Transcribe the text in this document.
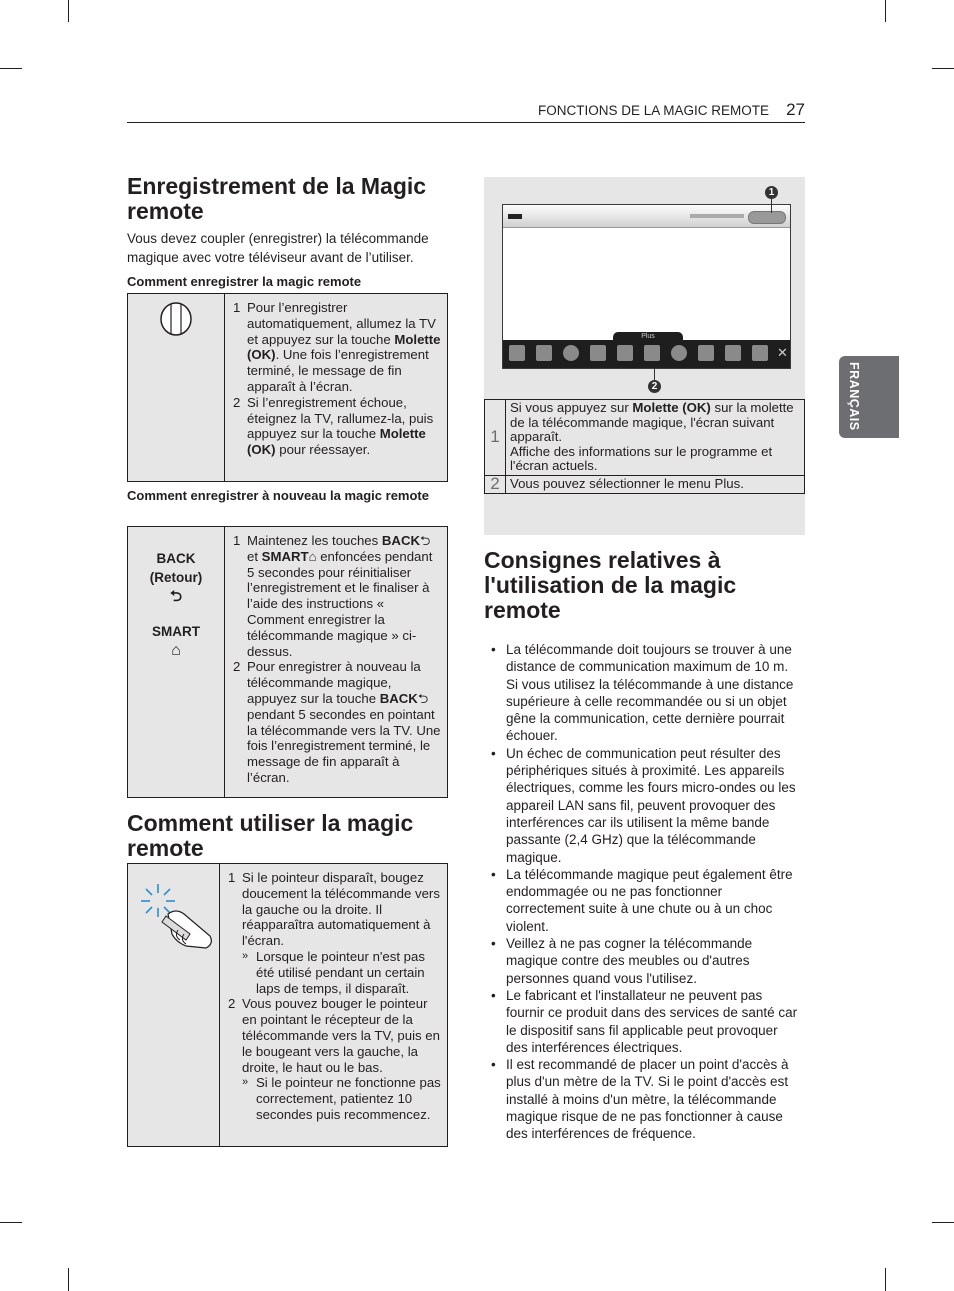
FONCTIONS DE LA MAGIC REMOTE 27
FRANÇAIS
Enregistrement de la Magic remote

Vous devez coupler (enregistrer) la télécommande magique avec votre téléviseur avant de l’utiliser.

Comment enregistrer la magic remote

1 Pour l’enregistrer automatiquement, allumez la TV et appuyez sur la touche Molette (OK). Une fois l’enregistrement terminé, le message de fin apparaît à l’écran.
2 Si l’enregistrement échoue, éteignez la TV, rallumez-la, puis appuyez sur la touche Molette (OK) pour réessayer.

Comment enregistrer à nouveau la magic remote

BACK
(Retour)
⮌
SMART
⌂

1 Maintenez les touches BACK⮌ et SMART⌂ enfoncées pendant 5 secondes pour réinitialiser l’enregistrement et le finaliser à l’aide des instructions « Comment enregistrer la télécommande magique » ci-dessus.
2 Pour enregistrer à nouveau la télécommande magique, appuyez sur la touche BACK⮌ pendant 5 secondes en pointant la télécommande vers la TV. Une fois l’enregistrement terminé, le message de fin apparaît à l’écran.
Comment utiliser la magic remote

1 Si le pointeur disparaît, bougez doucement la télécommande vers la gauche ou la droite. Il réapparaîtra automatiquement à l'écran.
» Lorsque le pointeur n'est pas été utilisé pendant un certain laps de temps, il disparaît.
2 Vous pouvez bouger le pointeur en pointant le récepteur de la télécommande vers la TV, puis en le bougeant vers la gauche, la droite, le haut ou le bas.
» Si le pointeur ne fonctionne pas correctement, patientez 10 secondes puis recommencez.
Plus
✕
1
2
1	Si vous appuyez sur Molette (OK) sur la molette de la télécommande magique, l'écran suivant apparaît.
Affiche des informations sur le programme et l'écran actuels.
2	Vous pouvez sélectionner le menu Plus.
Consignes relatives à l'utilisation de la magic remote
• La télécommande doit toujours se trouver à une distance de communication maximum de 10 m. Si vous utilisez la télécommande à une distance supérieure à celle recommandée ou si un objet gêne la communication, cette dernière pourrait échouer.
• Un échec de communication peut résulter des périphériques situés à proximité. Les appareils électriques, comme les fours micro-ondes ou les appareil LAN sans fil, peuvent provoquer des interférences car ils utilisent la même bande passante (2,4 GHz) que la télécommande magique.
• La télécommande magique peut également être endommagée ou ne pas fonctionner correctement suite à une chute ou à un choc violent.
• Veillez à ne pas cogner la télécommande magique contre des meubles ou d'autres personnes quand vous l'utilisez.
• Le fabricant et l'installateur ne peuvent pas fournir ce produit dans des services de santé car le dispositif sans fil applicable peut provoquer des interférences électriques.
• Il est recommandé de placer un point d'accès à plus d'un mètre de la TV. Si le point d'accès est installé à moins d'un mètre, la télécommande magique risque de ne pas fonctionner à cause des interférences de fréquence.
